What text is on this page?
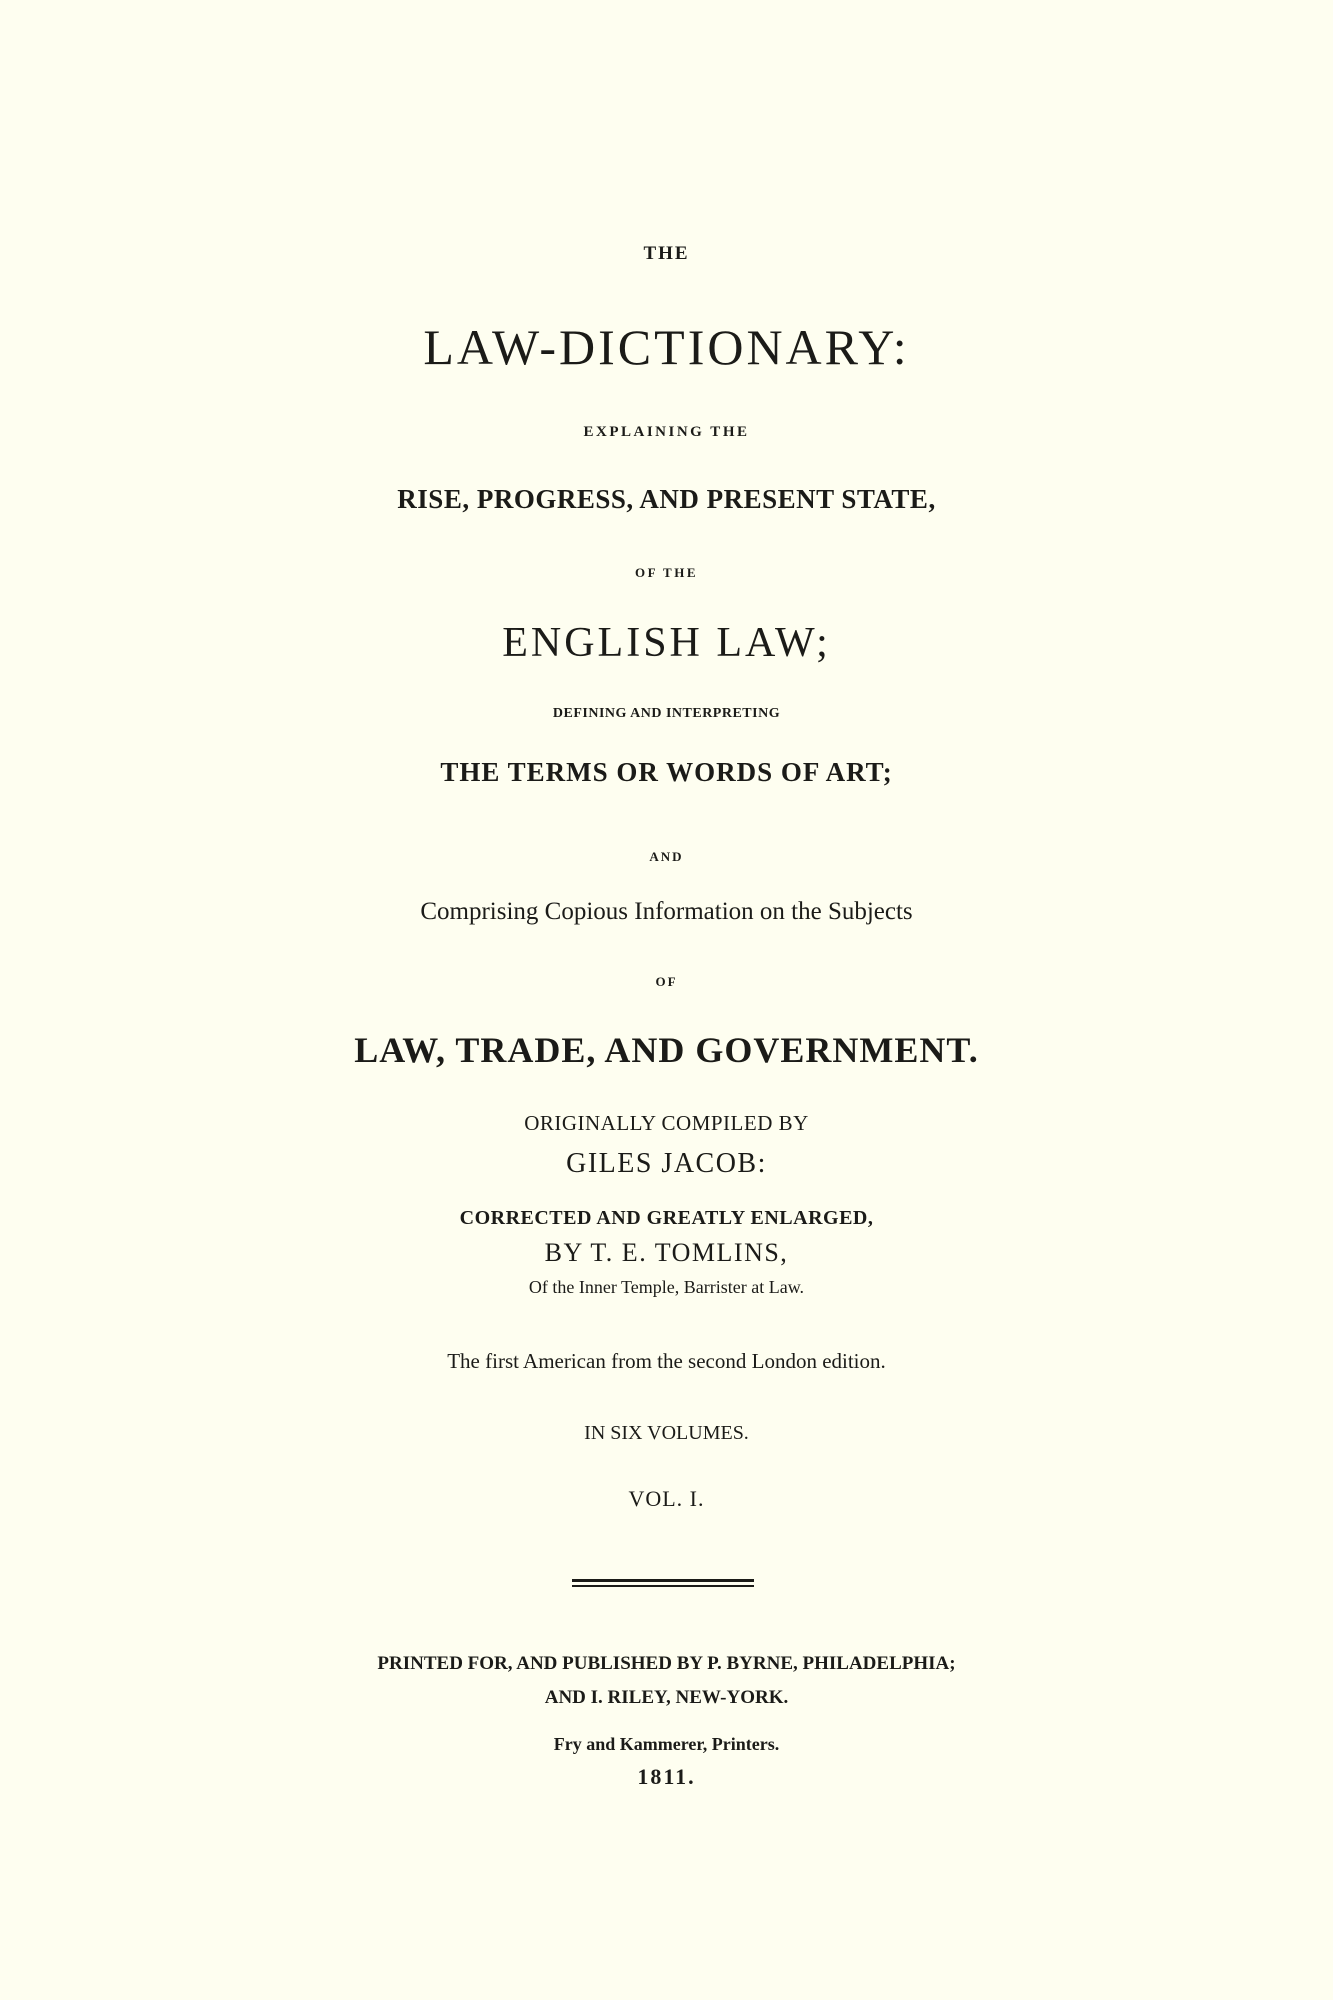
THE
LAW-DICTIONARY:
EXPLAINING THE
RISE, PROGRESS, AND PRESENT STATE,
OF THE
ENGLISH LAW;
DEFINING AND INTERPRETING
THE TERMS OR WORDS OF ART;
AND
Comprising Copious Information on the Subjects
OF
LAW, TRADE, AND GOVERNMENT.
ORIGINALLY COMPILED BY
GILES JACOB:
CORRECTED AND GREATLY ENLARGED,
BY T. E. TOMLINS,
Of the Inner Temple, Barrister at Law.
The first American from the second London edition.
IN SIX VOLUMES.
VOL. I.
PRINTED FOR, AND PUBLISHED BY P. BYRNE, PHILADELPHIA;
AND I. RILEY, NEW-YORK.
Fry and Kammerer, Printers.
1811.
